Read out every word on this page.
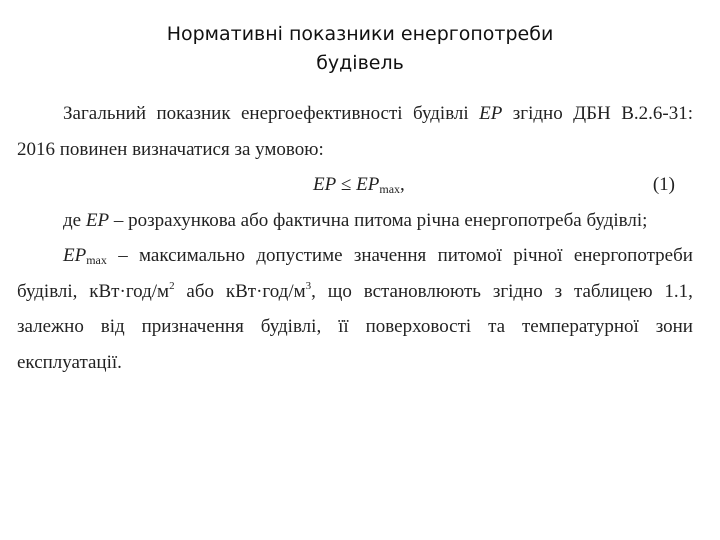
Нормативні показники енергопотреби
будівель
Загальний показник енергоефективності будівлі EP згідно ДБН В.2.6-31:
2016 повинен визначатися за умовою:
EP ≤ $EP_{max}$,	(1)
де EP – розрахункова або фактична питома річна енергопотреба будівлі;
$EP_{max}$ – максимально допустиме значення питомої річної енергопотреби
будівлі, $кВт\cdot год/м^2$ або $кВт\cdot год/м^3$, що встановлюють згідно з таблицею 1.1,
залежно від призначення будівлі, її поверховості та температурної зони
експлуатації.
